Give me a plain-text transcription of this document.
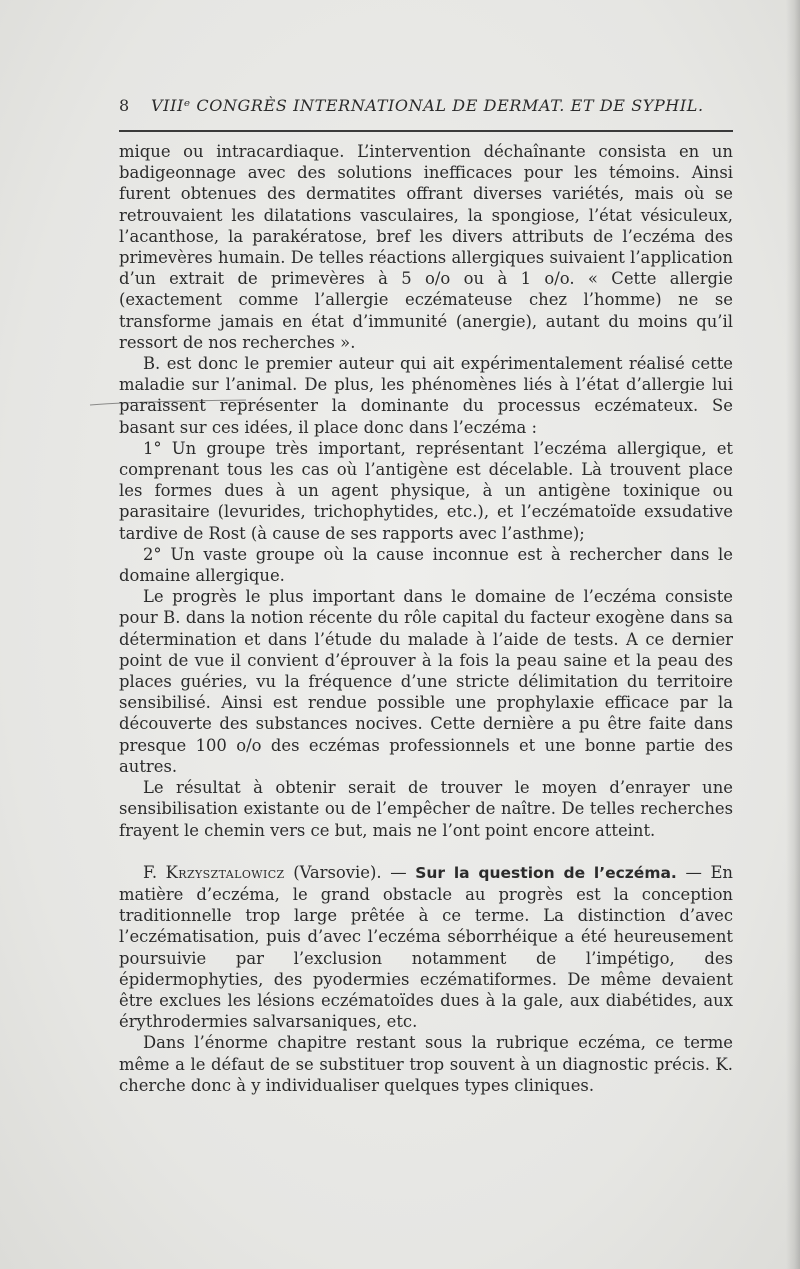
8 VIIIᵉ CONGRÈS INTERNATIONAL DE DERMAT. ET DE SYPHIL.

mique ou intracardiaque. L’intervention déchaînante consista en un badigeonnage avec des solutions inefficaces pour les témoins. Ainsi furent obtenues des dermatites offrant diverses variétés, mais où se retrouvaient les dilatations vasculaires, la spongiose, l’état vésiculeux, l’acanthose, la parakératose, bref les divers attributs de l’eczéma des primevères humain. De telles réactions allergiques suivaient l’application d’un extrait de primevères à 5 o/o ou à 1 o/o. « Cette allergie (exactement comme l’allergie eczémateuse chez l’homme) ne se transforme jamais en état d’immunité (anergie), autant du moins qu’il ressort de nos recherches ».

B. est donc le premier auteur qui ait expérimentalement réalisé cette maladie sur l’animal. De plus, les phénomènes liés à l’état d’allergie lui paraissent représenter la dominante du processus eczémateux. Se basant sur ces idées, il place donc dans l’eczéma :

1° Un groupe très important, représentant l’eczéma allergique, et comprenant tous les cas où l’antigène est décelable. Là trouvent place les formes dues à un agent physique, à un antigène toxinique ou parasitaire (levurides, trichophytides, etc.), et l’eczématoïde exsudative tardive de Rost (à cause de ses rapports avec l’asthme);

2° Un vaste groupe où la cause inconnue est à rechercher dans le domaine allergique.

Le progrès le plus important dans le domaine de l’eczéma consiste pour B. dans la notion récente du rôle capital du facteur exogène dans sa détermination et dans l’étude du malade à l’aide de tests. A ce dernier point de vue il convient d’éprouver à la fois la peau saine et la peau des places guéries, vu la fréquence d’une stricte délimitation du territoire sensibilisé. Ainsi est rendue possible une prophylaxie efficace par la découverte des substances nocives. Cette dernière a pu être faite dans presque 100 o/o des eczémas professionnels et une bonne partie des autres.

Le résultat à obtenir serait de trouver le moyen d’enrayer une sensibilisation existante ou de l’empêcher de naître. De telles recherches frayent le chemin vers ce but, mais ne l’ont point encore atteint.

F. Krzysztalowicz (Varsovie). — Sur la question de l’eczéma. — En matière d’eczéma, le grand obstacle au progrès est la conception traditionnelle trop large prêtée à ce terme. La distinction d’avec l’eczématisation, puis d’avec l’eczéma séborrhéique a été heureusement poursuivie par l’exclusion notamment de l’impétigo, des épidermophyties, des pyodermies eczématiformes. De même devaient être exclues les lésions eczématoïdes dues à la gale, aux diabétides, aux érythrodermies salvarsaniques, etc.

Dans l’énorme chapitre restant sous la rubrique eczéma, ce terme même a le défaut de se substituer trop souvent à un diagnostic précis. K. cherche donc à y individualiser quelques types cliniques.
